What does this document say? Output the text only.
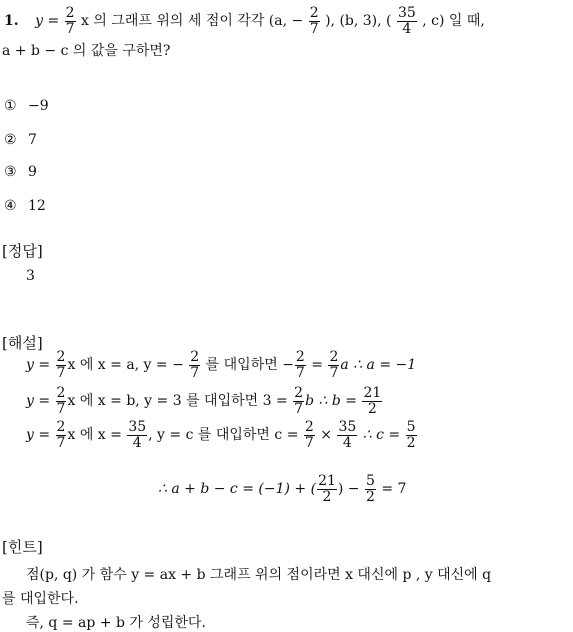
1. $y = \frac{2}{7}$ x 의 그래프 위의 세 점이 각각 (a, − $\frac{2}{7}$ ), (b, 3), ( $\frac{35}{4}$ , c) 일 때,
a + b − c 의 값을 구하면?
① −9
② 7
③ 9
④ 12
[정답]
3
[해설]
$y = \frac{2}{7}$ x 에 x = a, y = − $\frac{2}{7}$ 를 대입하면 − $\frac{2}{7} = \frac{2}{7}$ a ∴ a = −1
$y = \frac{2}{7}$ x 에 x = b, y = 3 를 대입하면 $3 = \frac{2}{7}$ b ∴ $b = \frac{21}{2}$
$y = \frac{2}{7}$ x 에 $x = \frac{35}{4}$ , y = c 를 대입하면 $c = \frac{2}{7} \times \frac{35}{4}$ ∴ $c = \frac{5}{2}$
∴ a + b − c = (−1) + ( $\frac{21}{2}$ ) − $\frac{5}{2} = 7$
[힌트]
점(p, q) 가 함수 y = ax + b 그래프 위의 점이라면 x 대신에 p , y 대신에 q
를 대입한다.
즉, q = ap + b 가 성립한다.
